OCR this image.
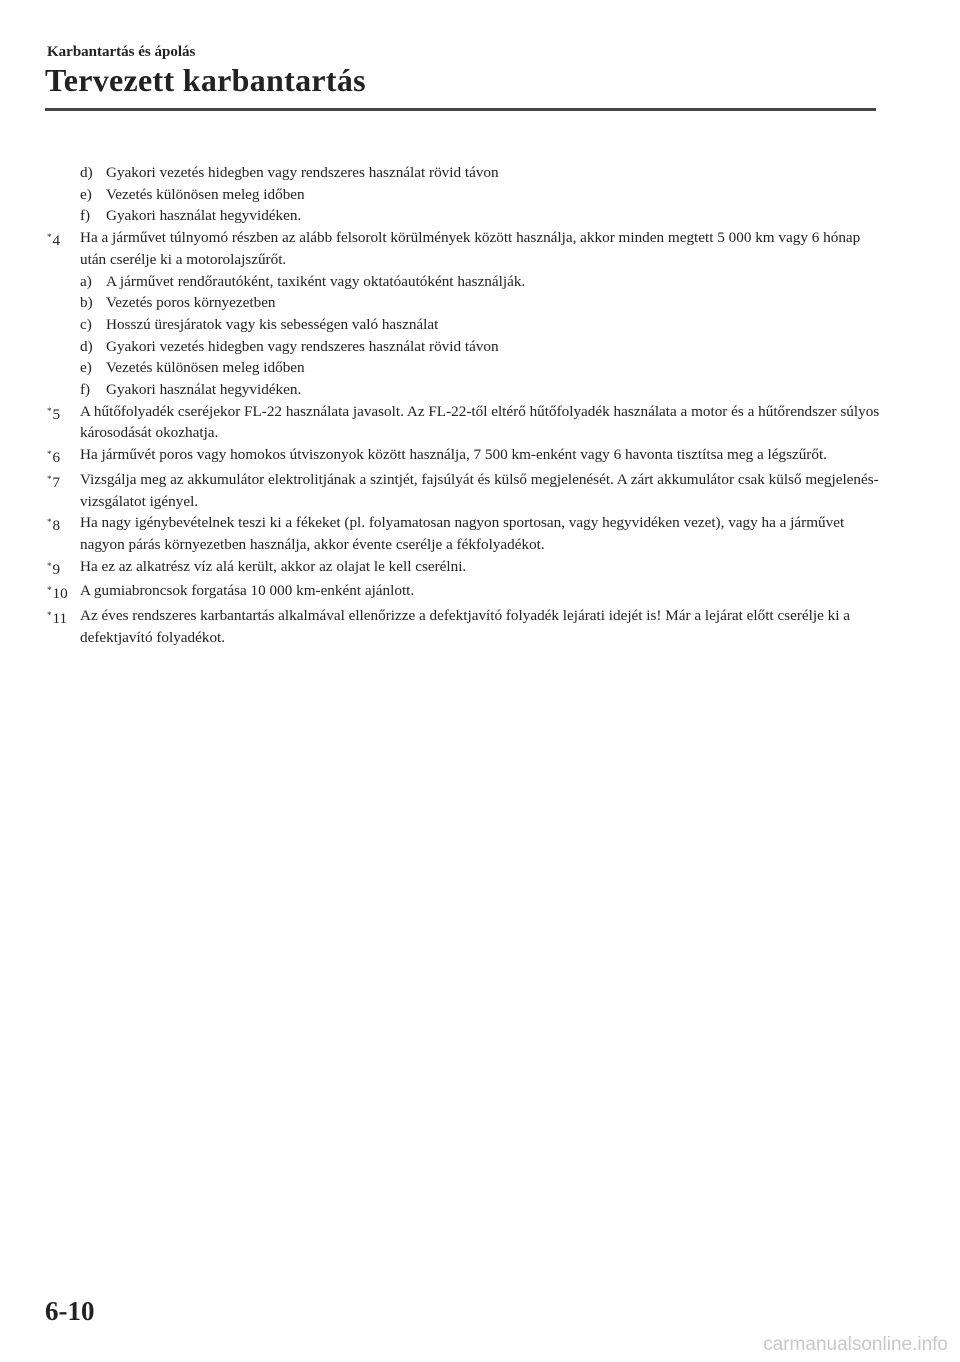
Karbantartás és ápolás
Tervezett karbantartás
d) Gyakori vezetés hidegben vagy rendszeres használat rövid távon
e) Vezetés különösen meleg időben
f)	Gyakori használat hegyvidéken.
*4	Ha a járművet túlnyomó részben az alább felsorolt körülmények között használja, akkor minden megtett 5 000 km vagy 6 hónap után cserélje ki a motorolajszűrőt.
a) A járművet rendőrautóként, taxiként vagy oktatóautóként használják.
b) Vezetés poros környezetben
c) Hosszú üresjáratok vagy kis sebességen való használat
d) Gyakori vezetés hidegben vagy rendszeres használat rövid távon
e) Vezetés különösen meleg időben
f)	Gyakori használat hegyvidéken.
*5	A hűtőfolyadék cseréjekor FL-22 használata javasolt. Az FL-22-től eltérő hűtőfolyadék használata a motor és a hűtőrendszer súlyos károsodását okozhatja.
*6	Ha járművét poros vagy homokos útviszonyok között használja, 7 500 km-enként vagy 6 havonta tisztítsa meg a légszűrőt.
*7	Vizsgálja meg az akkumulátor elektrolitjának a szintjét, fajsúlyát és külső megjelenését. A zárt akkumulátor csak külső megjelenés-vizsgálatot igényel.
*8	Ha nagy igénybevételnek teszi ki a fékeket (pl. folyamatosan nagyon sportosan, vagy hegyvidéken vezet), vagy ha a járművet nagyon párás környezetben használja, akkor évente cserélje a fékfolyadékot.
*9	Ha ez az alkatrész víz alá került, akkor az olajat le kell cserélni.
*10 A gumiabroncsok forgatása 10 000 km-enként ajánlott.
*11 Az éves rendszeres karbantartás alkalmával ellenőrizze a defektjavító folyadék lejárati idejét is! Már a lejárat előtt cserélje ki a defektjavító folyadékot.
6-10
carmanualsonline.info
